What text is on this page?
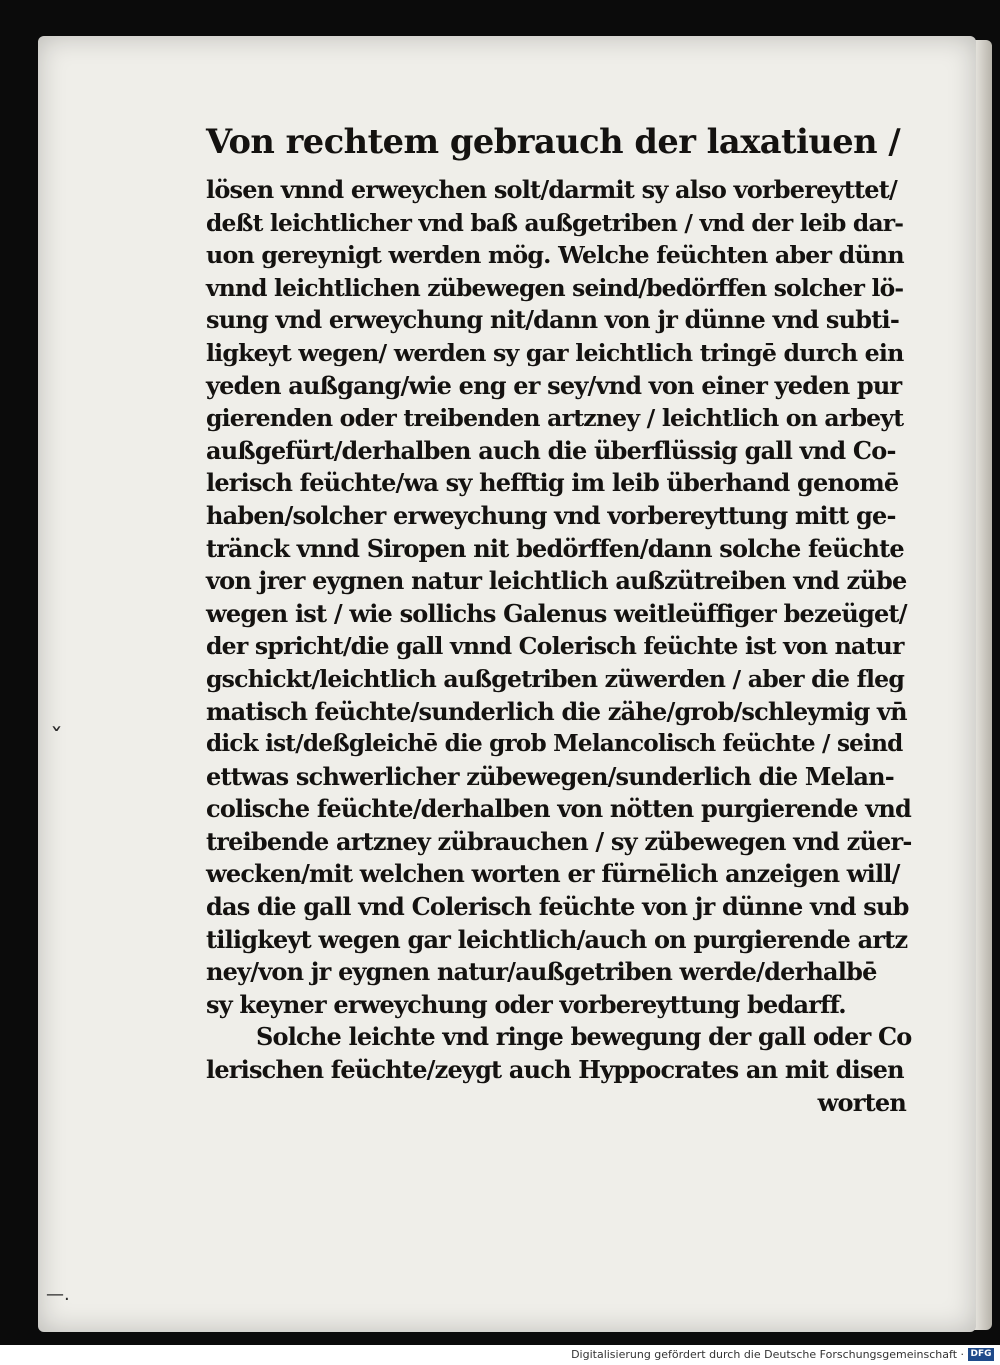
Von rechtem gebrauch der laxatiuen /
lösen vnnd erweychen solt/darmit sy also vorbereyttet/
deßt leichtlicher vnd baß außgetriben / vnd der leib dar-
uon gereynigt werden mög. Welche feüchten aber dünn
vnnd leichtlichen zübewegen seind/bedörffen solcher lö-
sung vnd erweychung nit/dann von jr dünne vnd subti-
ligkeyt wegen/ werden sy gar leichtlich tringē durch ein
yeden außgang/wie eng er sey/vnd von einer yeden pur
gierenden oder treibenden artzney / leichtlich on arbeyt
außgefürt/derhalben auch die überflüssig gall vnd Co-
lerisch feüchte/wa sy hefftig im leib überhand genomē
haben/solcher erweychung vnd vorbereyttung mitt ge-
tränck vnnd Siropen nit bedörffen/dann solche feüchte
von jrer eygnen natur leichtlich außzütreiben vnd zübe
wegen ist / wie sollichs Galenus weitleüffiger bezeüget/
der spricht/die gall vnnd Colerisch feüchte ist von natur
gschickt/leichtlich außgetriben züwerden / aber die fleg
matisch feüchte/sunderlich die zähe/grob/schleymig vn̄
dick ist/deßgleichē die grob Melancolisch feüchte / seind
ettwas schwerlicher zübewegen/sunderlich die Melan-
colische feüchte/derhalben von nötten purgierende vnd
treibende artzney zübrauchen / sy zübewegen vnd züer-
wecken/mit welchen worten er fürnēlich anzeigen will/
das die gall vnd Colerisch feüchte von jr dünne vnd sub
tiligkeyt wegen gar leichtlich/auch on purgierende artz
ney/von jr eygnen natur/außgetriben werde/derhalbē
sy keyner erweychung oder vorbereyttung bedarff.
Solche leichte vnd ringe bewegung der gall oder Co
lerischen feüchte/zeygt auch Hyppocrates an mit disen
worten
ˇ
—.
Digitalisierung gefördert durch die Deutsche Forschungsgemeinschaft · DFG
